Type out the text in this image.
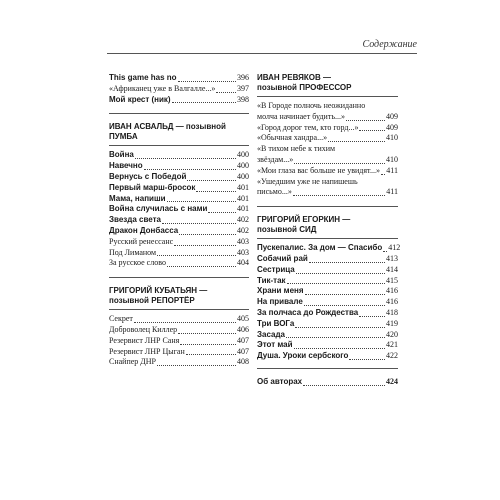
Содержание
This game has no	396
«Африканец уже в Валгалле...»	397
Мой крест (ник)	398
ИВАН АСВАЛЬД — позывной
ПУМБА
Война	400
Навечно	400
Вернусь с Победой	400
Первый марш-бросок	401
Мама, напиши	401
Война случилась с нами	401
Звезда света	402
Дракон Донбасса	402
Русский ренессанс	403
Под Лиманом	403
За русское слово	404
ГРИГОРИЙ КУБАТЬЯН —
позывной РЕПОРТЁР
Секрет	405
Доброволец Киллер	406
Резервист ЛНР Саня	407
Резервист ЛНР Цыган	407
Снайпер ДНР	408
ИВАН РЕВЯКОВ —
позывной ПРОФЕССОР
«В Городе полночь неожиданно
молча начинает будить...»	409
«Город дорог тем, кто горд...»	409
«Обычная хандра...»	410
«В тихом небе к тихим
звёздам...»	410
«Мои глаза вас больше не увидят...» 411
«Ушедшим уже не напишешь
письмо...»	411
ГРИГОРИЙ ЕГОРКИН —
позывной СИД
Пускепалис. За дом — Спасибо 412
Собачий рай	413
Сестрица	414
Тик-так	415
Храни меня	416
На привале	416
За полчаса до Рождества	418
Три ВОГа	419
Засада	420
Этот май	421
Душа. Уроки сербского	422
Об авторах	424
